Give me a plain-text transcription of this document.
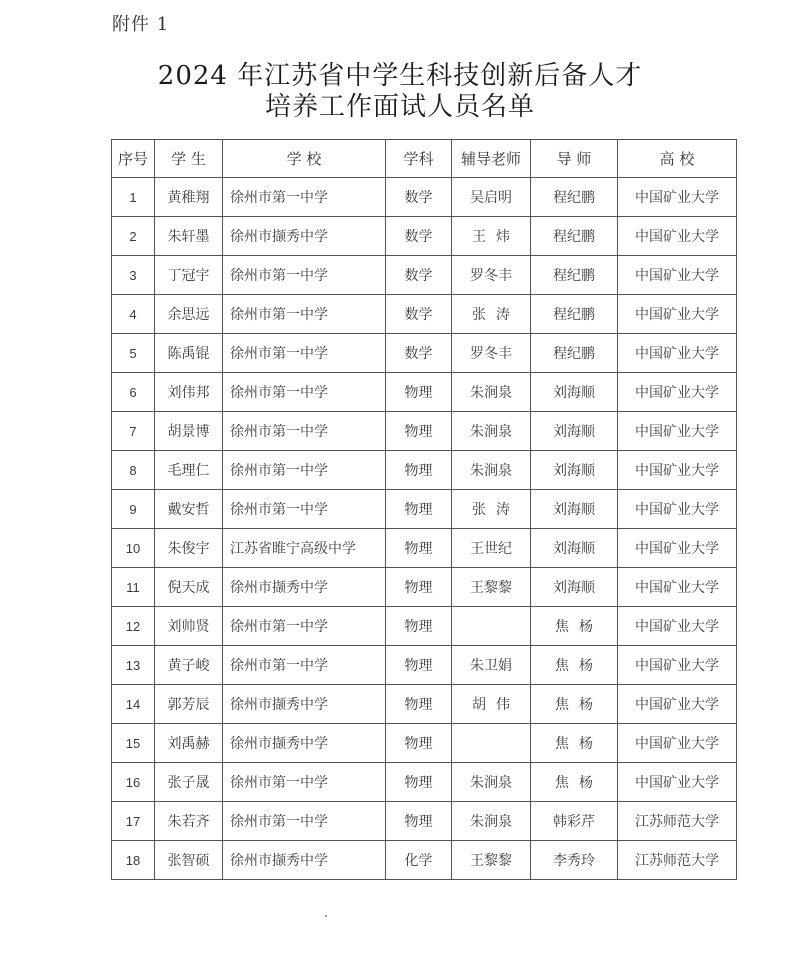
附件 1
2024 年江苏省中学生科技创新后备人才
培养工作面试人员名单
序号	学 生	学 校	学科	辅导老师	导 师	高 校
1	黄稚翔	徐州市第一中学	数学	吴启明	程纪鹏	中国矿业大学
2	朱轩墨	徐州市撷秀中学	数学	王炜	程纪鹏	中国矿业大学
3	丁冠宇	徐州市第一中学	数学	罗冬丰	程纪鹏	中国矿业大学
4	余思远	徐州市第一中学	数学	张涛	程纪鹏	中国矿业大学
5	陈禹锟	徐州市第一中学	数学	罗冬丰	程纪鹏	中国矿业大学
6	刘伟邦	徐州市第一中学	物理	朱涧泉	刘海顺	中国矿业大学
7	胡景博	徐州市第一中学	物理	朱涧泉	刘海顺	中国矿业大学
8	毛理仁	徐州市第一中学	物理	朱涧泉	刘海顺	中国矿业大学
9	戴安哲	徐州市第一中学	物理	张涛	刘海顺	中国矿业大学
10	朱俊宇	江苏省睢宁高级中学	物理	王世纪	刘海顺	中国矿业大学
11	倪天成	徐州市撷秀中学	物理	王黎黎	刘海顺	中国矿业大学
12	刘帅贤	徐州市第一中学	物理		焦杨	中国矿业大学
13	黄子峻	徐州市第一中学	物理	朱卫娟	焦杨	中国矿业大学
14	郭芳辰	徐州市撷秀中学	物理	胡伟	焦杨	中国矿业大学
15	刘禹赫	徐州市撷秀中学	物理		焦杨	中国矿业大学
16	张子晟	徐州市第一中学	物理	朱涧泉	焦杨	中国矿业大学
17	朱若齐	徐州市第一中学	物理	朱涧泉	韩彩芹	江苏师范大学
18	张智硕	徐州市撷秀中学	化学	王黎黎	李秀玲	江苏师范大学
